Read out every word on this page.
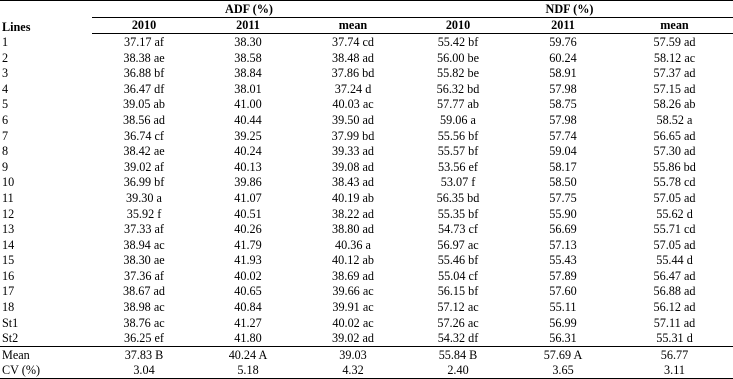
Lines	ADF (%)			NDF (%)		
	2010	2011	mean	2010	2011	mean
1	37.17 af	38.30	37.74 cd	55.42 bf	59.76	57.59 ad
2	38.38 ae	38.58	38.48 ad	56.00 be	60.24	58.12 ac
3	36.88 bf	38.84	37.86 bd	55.82 be	58.91	57.37 ad
4	36.47 df	38.01	37.24 d	56.32 bd	57.98	57.15 ad
5	39.05 ab	41.00	40.03 ac	57.77 ab	58.75	58.26 ab
6	38.56 ad	40.44	39.50 ad	59.06 a	57.98	58.52 a
7	36.74 cf	39.25	37.99 bd	55.56 bf	57.74	56.65 ad
8	38.42 ae	40.24	39.33 ad	55.57 bf	59.04	57.30 ad
9	39.02 af	40.13	39.08 ad	53.56 ef	58.17	55.86 bd
10	36.99 bf	39.86	38.43 ad	53.07 f	58.50	55.78 cd
11	39.30 a	41.07	40.19 ab	56.35 bd	57.75	57.05 ad
12	35.92 f	40.51	38.22 ad	55.35 bf	55.90	55.62 d
13	37.33 af	40.26	38.80 ad	54.73 cf	56.69	55.71 cd
14	38.94 ac	41.79	40.36 a	56.97 ac	57.13	57.05 ad
15	38.30 ae	41.93	40.12 ab	55.46 bf	55.43	55.44 d
16	37.36 af	40.02	38.69 ad	55.04 cf	57.89	56.47 ad
17	38.67 ad	40.65	39.66 ac	56.15 bf	57.60	56.88 ad
18	38.98 ac	40.84	39.91 ac	57.12 ac	55.11	56.12 ad
St1	38.76 ac	41.27	40.02 ac	57.26 ac	56.99	57.11 ad
St2	36.25 ef	41.80	39.02 ad	54.32 df	56.31	55.31 d
Mean	37.83 B	40.24 A	39.03	55.84 B	57.69 A	56.77
CV (%)	3.04	5.18	4.32	2.40	3.65	3.11
